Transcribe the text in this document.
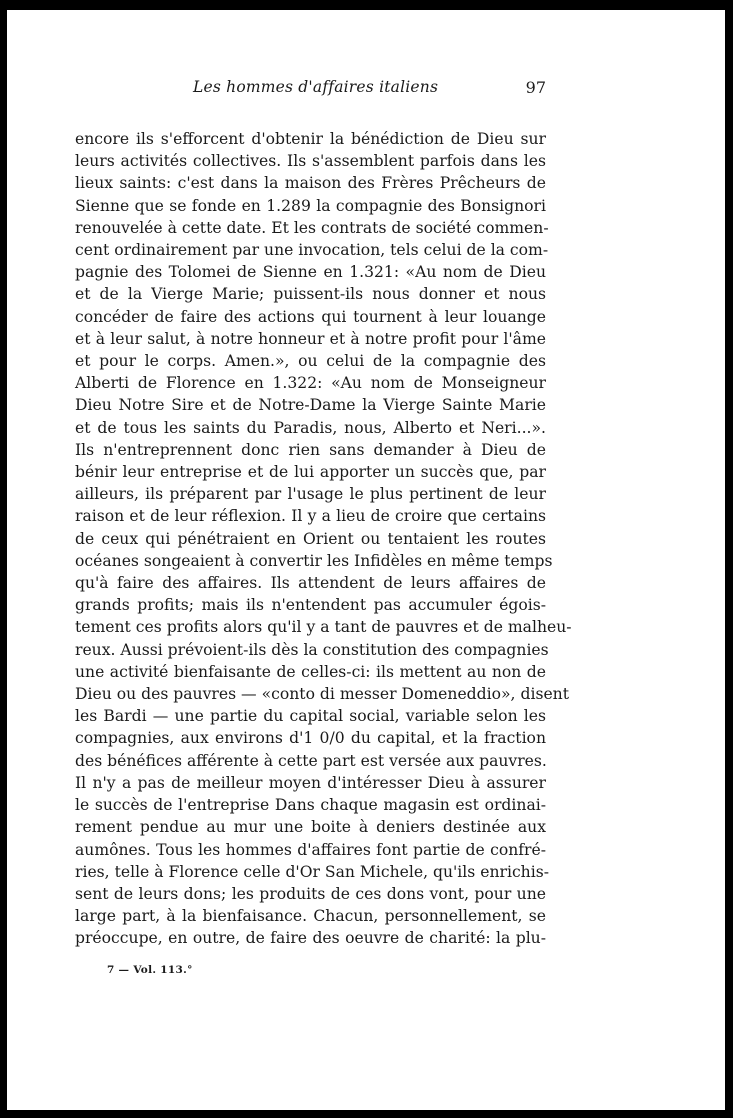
Les hommes d'affaires italiens	97
encore ils s'efforcent d'obtenir la bénédiction de Dieu sur
leurs activités collectives. Ils s'assemblent parfois dans les
lieux saints: c'est dans la maison des Frères Prêcheurs de
Sienne que se fonde en 1.289 la compagnie des Bonsignori
renouvelée à cette date. Et les contrats de société commen-
cent ordinairement par une invocation, tels celui de la com-
pagnie des Tolomei de Sienne en 1.321: «Au nom de Dieu
et de la Vierge Marie; puissent-ils nous donner et nous
concéder de faire des actions qui tournent à leur louange
et à leur salut, à notre honneur et à notre profit pour l'âme
et pour le corps. Amen.», ou celui de la compagnie des
Alberti de Florence en 1.322: «Au nom de Monseigneur
Dieu Notre Sire et de Notre-Dame la Vierge Sainte Marie
et de tous les saints du Paradis, nous, Alberto et Neri...».
Ils n'entreprennent donc rien sans demander à Dieu de
bénir leur entreprise et de lui apporter un succès que, par
ailleurs, ils préparent par l'usage le plus pertinent de leur
raison et de leur réflexion. Il y a lieu de croire que certains
de ceux qui pénétraient en Orient ou tentaient les routes
océanes songeaient à convertir les Infidèles en même temps
qu'à faire des affaires. Ils attendent de leurs affaires de
grands profits; mais ils n'entendent pas accumuler égois-
tement ces profits alors qu'il y a tant de pauvres et de malheu-
reux. Aussi prévoient-ils dès la constitution des compagnies
une activité bienfaisante de celles-ci: ils mettent au non de
Dieu ou des pauvres — «conto di messer Domeneddio», disent
les Bardi — une partie du capital social, variable selon les
compagnies, aux environs d'1 0/0 du capital, et la fraction
des bénéfices afférente à cette part est versée aux pauvres.
Il n'y a pas de meilleur moyen d'intéresser Dieu à assurer
le succès de l'entreprise Dans chaque magasin est ordinai-
rement pendue au mur une boite à deniers destinée aux
aumônes. Tous les hommes d'affaires font partie de confré-
ries, telle à Florence celle d'Or San Michele, qu'ils enrichis-
sent de leurs dons; les produits de ces dons vont, pour une
large part, à la bienfaisance. Chacun, personnellement, se
préoccupe, en outre, de faire des oeuvre de charité: la plu-
7 — Vol. 113.°
